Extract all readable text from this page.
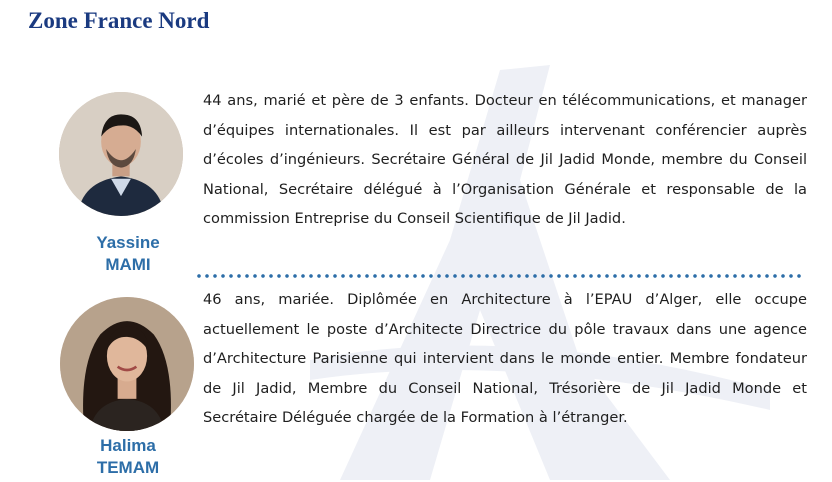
Zone France Nord
Yassine
MAMI

44 ans, marié et père de 3 enfants. Docteur en télécommunications, et manager d’équipes internationales. Il est par ailleurs intervenant conférencier auprès d’écoles d’ingénieurs. Secrétaire Général de Jil Jadid Monde, membre du Conseil National, Secrétaire délégué à l’Organisation Générale et responsable de la commission Entreprise du Conseil Scientifique de Jil Jadid.

Halima
TEMAM

46 ans, mariée. Diplômée en Architecture à l’EPAU d’Alger, elle occupe actuellement le poste d’Architecte Directrice du pôle travaux dans une agence d’Architecture Parisienne qui intervient dans le monde entier. Membre fondateur de Jil Jadid, Membre du Conseil National, Trésorière de Jil Jadid Monde et Secrétaire Déléguée chargée de la Formation à l’étranger.
